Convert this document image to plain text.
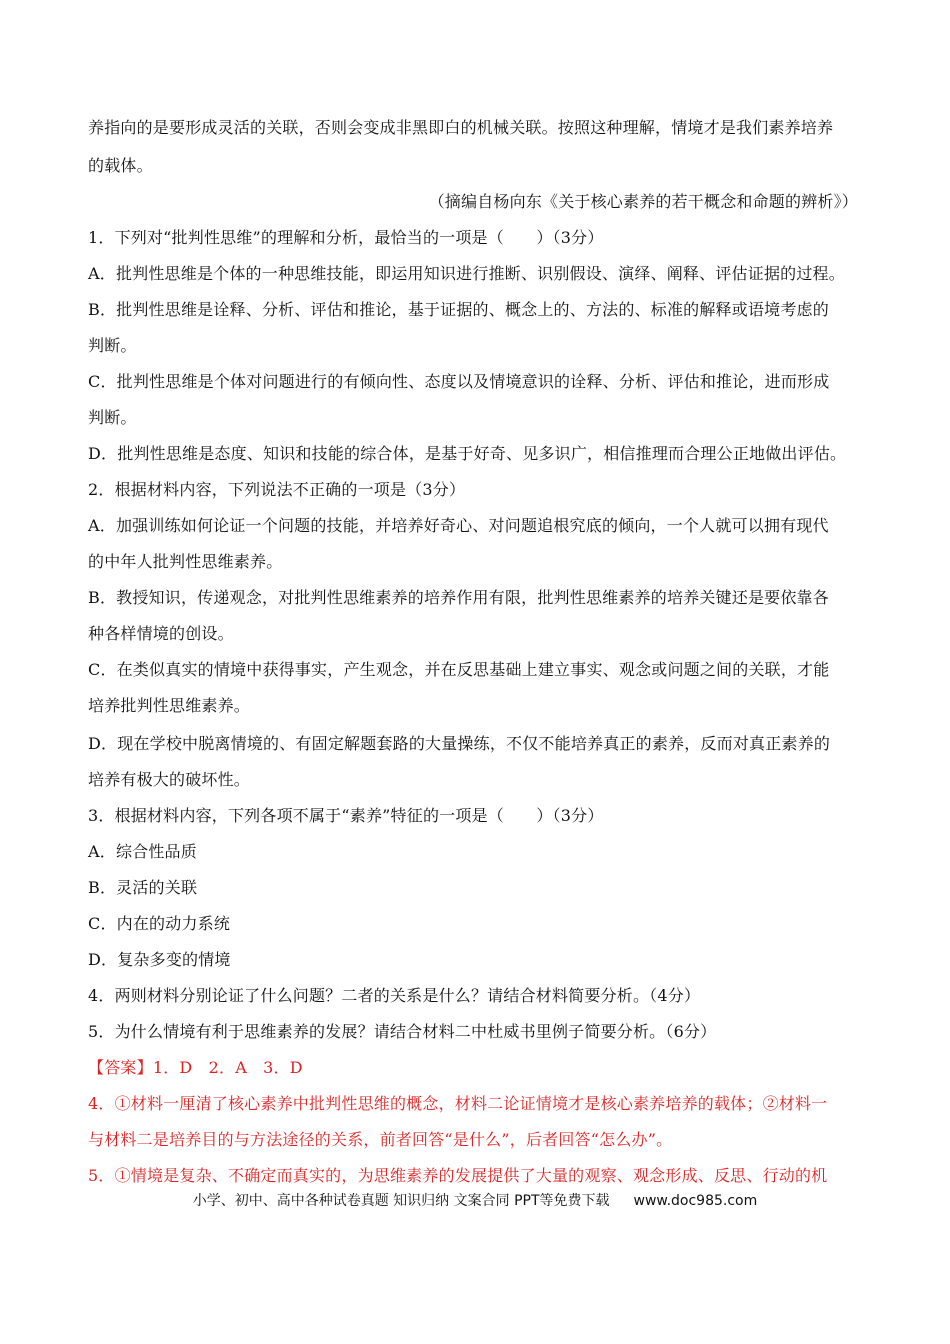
养指向的是要形成灵活的关联，否则会变成非黑即白的机械关联。按照这种理解，情境才是我们素养培养
的载体。
（摘编自杨向东《关于核心素养的若干概念和命题的辨析》）
1．下列对“批判性思维”的理解和分析，最恰当的一项是（　　）（3分）
A．批判性思维是个体的一种思维技能，即运用知识进行推断、识别假设、演绎、阐释、评估证据的过程。
B．批判性思维是诠释、分析、评估和推论，基于证据的、概念上的、方法的、标准的解释或语境考虑的
判断。
C．批判性思维是个体对问题进行的有倾向性、态度以及情境意识的诠释、分析、评估和推论，进而形成
判断。
D．批判性思维是态度、知识和技能的综合体，是基于好奇、见多识广，相信推理而合理公正地做出评估。
2．根据材料内容，下列说法不正确的一项是（3分）
A．加强训练如何论证一个问题的技能，并培养好奇心、对问题追根究底的倾向，一个人就可以拥有现代
的中年人批判性思维素养。
B．教授知识，传递观念，对批判性思维素养的培养作用有限，批判性思维素养的培养关键还是要依靠各
种各样情境的创设。
C．在类似真实的情境中获得事实，产生观念，并在反思基础上建立事实、观念或问题之间的关联，才能
培养批判性思维素养。
D．现在学校中脱离情境的、有固定解题套路的大量操练，不仅不能培养真正的素养，反而对真正素养的
培养有极大的破坏性。
3．根据材料内容，下列各项不属于“素养”特征的一项是（　　）（3分）
A．综合性品质
B．灵活的关联
C．内在的动力系统
D．复杂多变的情境
4．两则材料分别论证了什么问题？二者的关系是什么？请结合材料简要分析。（4分）
5．为什么情境有利于思维素养的发展？请结合材料二中杜威书里例子简要分析。（6分）
【答案】1．D　2．A　3．D
4．①材料一厘清了核心素养中批判性思维的概念，材料二论证情境才是核心素养培养的载体；②材料一
与材料二是培养目的与方法途径的关系，前者回答“是什么”，后者回答“怎么办”。
5．①情境是复杂、不确定而真实的，为思维素养的发展提供了大量的观察、观念形成、反思、行动的机
小学、初中、高中各种试卷真题 知识归纳 文案合同 PPT等免费下载 www.doc985.com
